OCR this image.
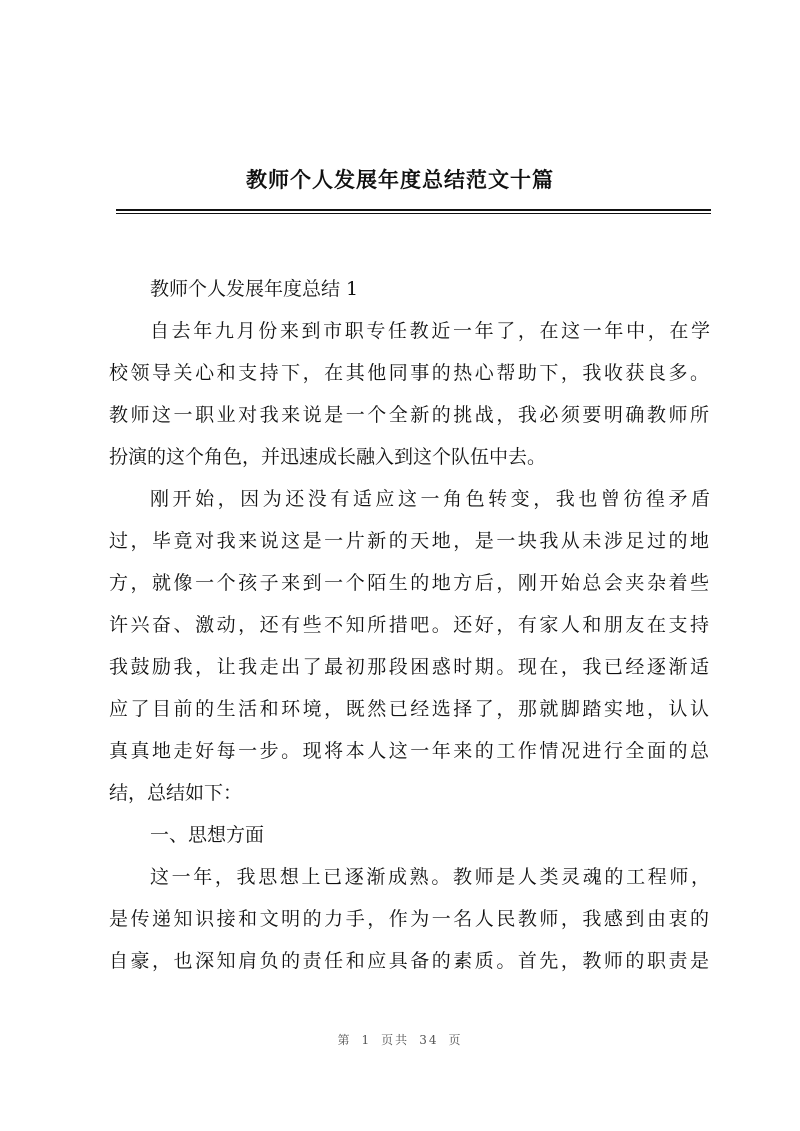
教师个人发展年度总结范文十篇
教师个人发展年度总结 1
自去年九月份来到市职专任教近一年了，在这一年中，在学
校领导关心和支持下，在其他同事的热心帮助下，我收获良多。
教师这一职业对我来说是一个全新的挑战，我必须要明确教师所
扮演的这个角色，并迅速成长融入到这个队伍中去。
刚开始，因为还没有适应这一角色转变，我也曾彷徨矛盾
过，毕竟对我来说这是一片新的天地，是一块我从未涉足过的地
方，就像一个孩子来到一个陌生的地方后，刚开始总会夹杂着些
许兴奋、激动，还有些不知所措吧。还好，有家人和朋友在支持
我鼓励我，让我走出了最初那段困惑时期。现在，我已经逐渐适
应了目前的生活和环境，既然已经选择了，那就脚踏实地，认认
真真地走好每一步。现将本人这一年来的工作情况进行全面的总
结，总结如下：
一、思想方面
这一年，我思想上已逐渐成熟。教师是人类灵魂的工程师，
是传递知识接和文明的力手，作为一名人民教师，我感到由衷的
自豪，也深知肩负的责任和应具备的素质。首先，教师的职责是
第 1 页共 34 页
